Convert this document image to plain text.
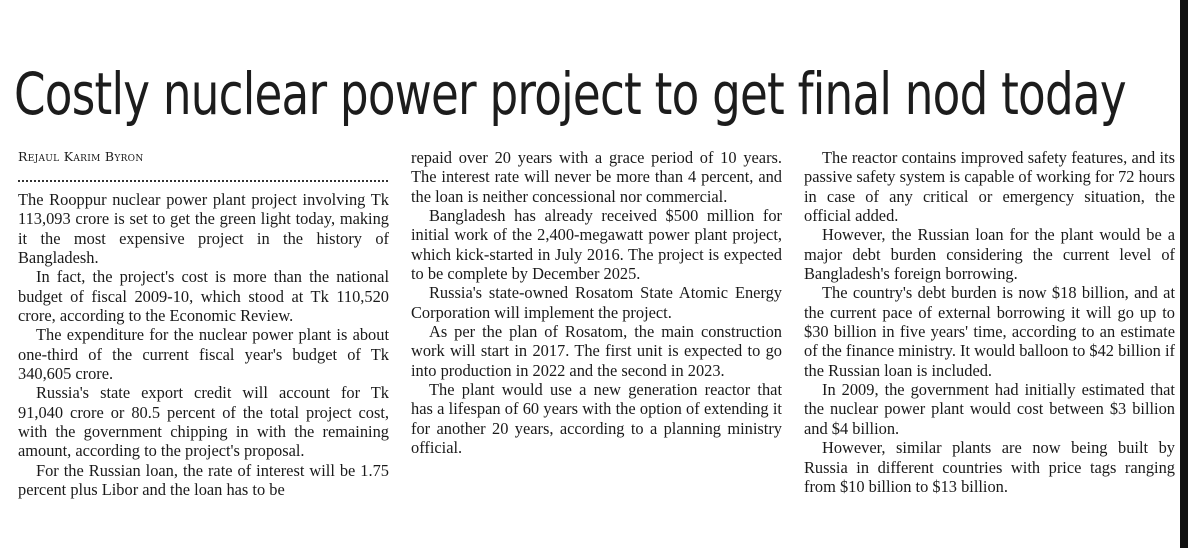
Costly nuclear power project to get final nod today
Rejaul Karim Byron

The Rooppur nuclear power plant project involving Tk 113,093 crore is set to get the green light today, making it the most expensive project in the history of Bangladesh.

In fact, the project's cost is more than the national budget of fiscal 2009-10, which stood at Tk 110,520 crore, according to the Economic Review.

The expenditure for the nuclear power plant is about one-third of the current fiscal year's budget of Tk 340,605 crore.

Russia's state export credit will account for Tk 91,040 crore or 80.5 percent of the total project cost, with the government chipping in with the remaining amount, according to the project's proposal.

For the Russian loan, the rate of interest will be 1.75 percent plus Libor and the loan has to be

repaid over 20 years with a grace period of 10 years. The interest rate will never be more than 4 percent, and the loan is neither concessional nor commercial.

Bangladesh has already received $500 million for initial work of the 2,400-megawatt power plant project, which kick-started in July 2016. The project is expected to be complete by December 2025.

Russia's state-owned Rosatom State Atomic Energy Corporation will implement the project.

As per the plan of Rosatom, the main construction work will start in 2017. The first unit is expected to go into production in 2022 and the second in 2023.

The plant would use a new generation reactor that has a lifespan of 60 years with the option of extending it for another 20 years, according to a planning ministry official.

The reactor contains improved safety features, and its passive safety system is capable of working for 72 hours in case of any critical or emergency situation, the official added.

However, the Russian loan for the plant would be a major debt burden considering the current level of Bangladesh's foreign borrowing.

The country's debt burden is now $18 billion, and at the current pace of external borrowing it will go up to $30 billion in five years' time, according to an estimate of the finance ministry. It would balloon to $42 billion if the Russian loan is included.

In 2009, the government had initially estimated that the nuclear power plant would cost between $3 billion and $4 billion.

However, similar plants are now being built by Russia in different countries with price tags ranging from $10 billion to $13 billion.
